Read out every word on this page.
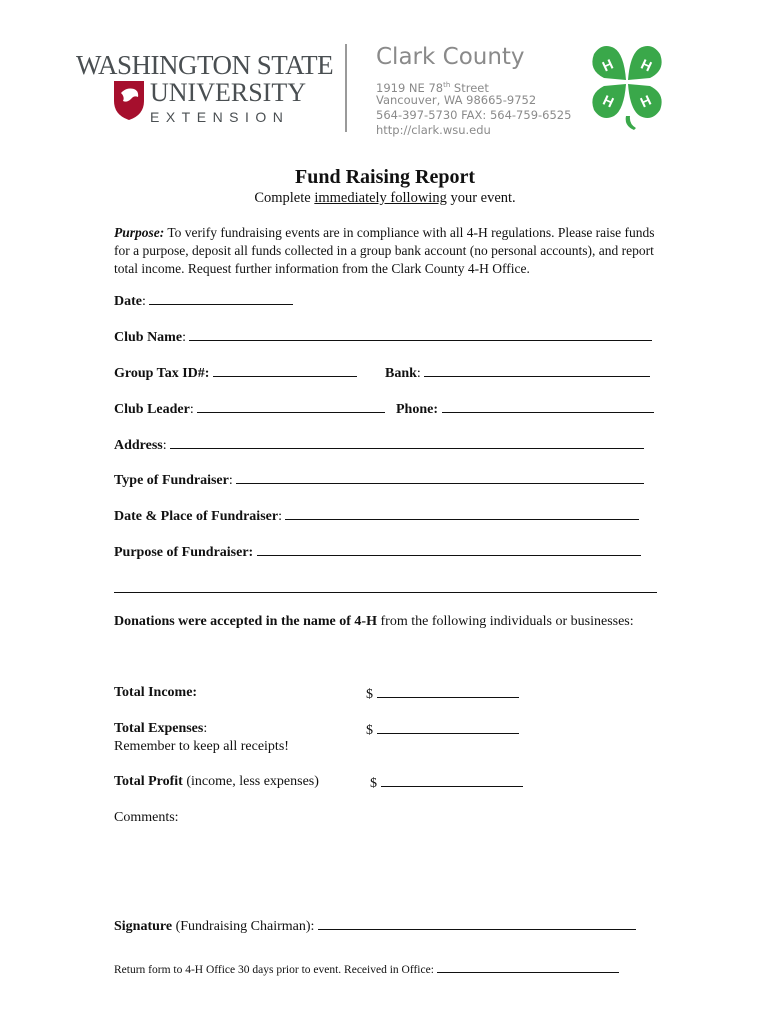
WASHINGTON STATE
UNIVERSITY
EXTENSION
Clark County
1919 NE 78th Street
Vancouver, WA 98665-9752
564-397-5730 FAX: 564-759-6525
http://clark.wsu.edu
H H
H H
Fund Raising Report
Complete immediately following your event.
Purpose: To verify fundraising events are in compliance with all 4-H regulations. Please raise funds for a purpose, deposit all funds collected in a group bank account (no personal accounts), and report total income. Request further information from the Clark County 4-H Office.
Date:
Club Name:
Group Tax ID#:	Bank:
Club Leader:	Phone:
Address:
Type of Fundraiser:
Date & Place of Fundraiser:
Purpose of Fundraiser:
Donations were accepted in the name of 4-H from the following individuals or businesses:
Total Income:	$
Total Expenses:	$
Remember to keep all receipts!
Total Profit (income, less expenses)	$
Comments:
Signature (Fundraising Chairman):
Return form to 4-H Office 30 days prior to event. Received in Office:
